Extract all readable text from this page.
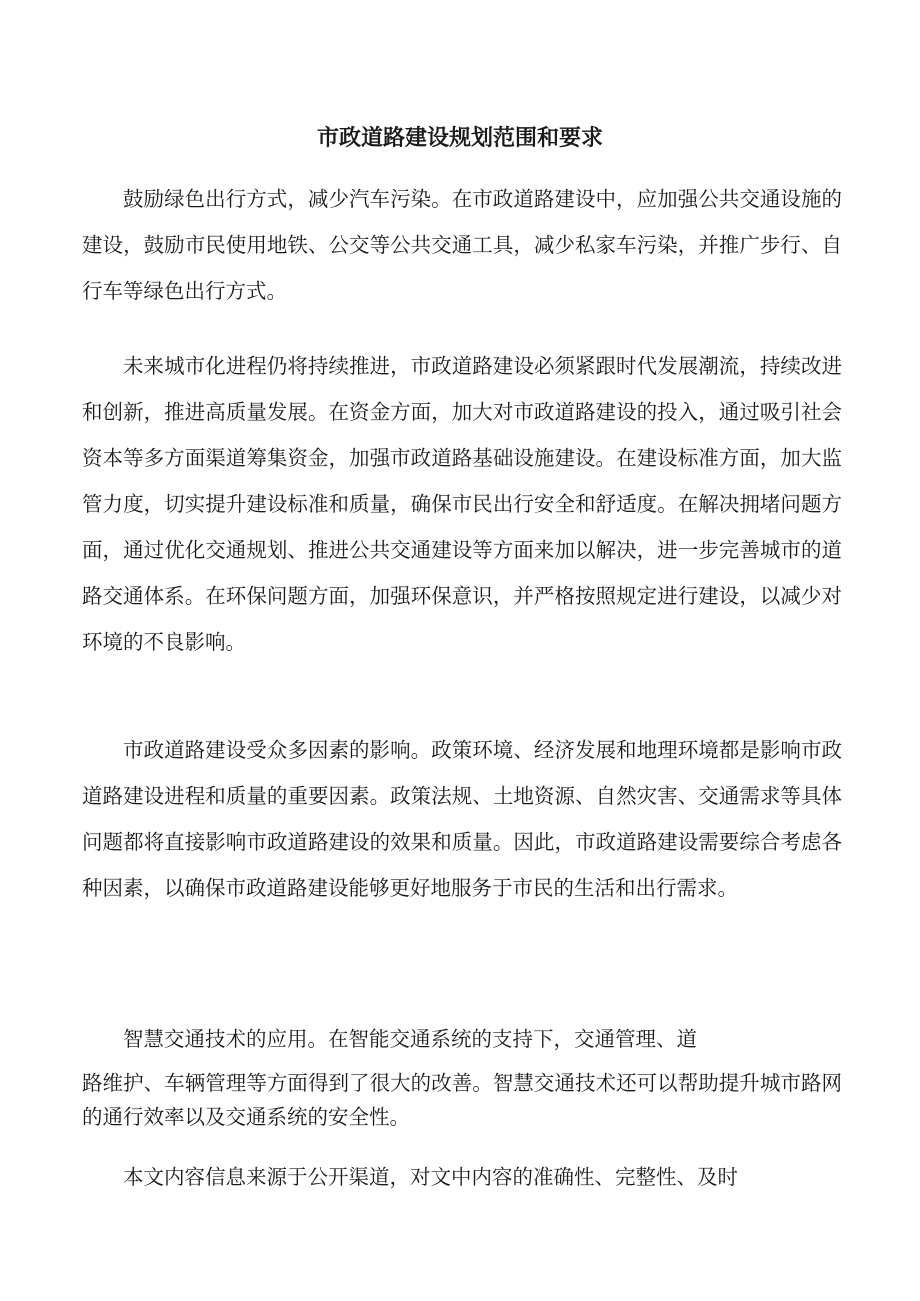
市政道路建设规划范围和要求

鼓励绿色出行方式，减少汽车污染。在市政道路建设中，应加强公共交通设施的建设，鼓励市民使用地铁、公交等公共交通工具，减少私家车污染，并推广步行、自行车等绿色出行方式。

未来城市化进程仍将持续推进，市政道路建设必须紧跟时代发展潮流，持续改进和创新，推进高质量发展。在资金方面，加大对市政道路建设的投入，通过吸引社会资本等多方面渠道筹集资金，加强市政道路基础设施建设。在建设标准方面，加大监管力度，切实提升建设标准和质量，确保市民出行安全和舒适度。在解决拥堵问题方面，通过优化交通规划、推进公共交通建设等方面来加以解决，进一步完善城市的道路交通体系。在环保问题方面，加强环保意识，并严格按照规定进行建设，以减少对环境的不良影响。

市政道路建设受众多因素的影响。政策环境、经济发展和地理环境都是影响市政道路建设进程和质量的重要因素。政策法规、土地资源、自然灾害、交通需求等具体问题都将直接影响市政道路建设的效果和质量。因此，市政道路建设需要综合考虑各种因素，以确保市政道路建设能够更好地服务于市民的生活和出行需求。

智慧交通技术的应用。在智能交通系统的支持下，交通管理、道
路维护、车辆管理等方面得到了很大的改善。智慧交通技术还可以帮助提升城市路网的通行效率以及交通系统的安全性。

本文内容信息来源于公开渠道，对文中内容的准确性、完整性、及时
